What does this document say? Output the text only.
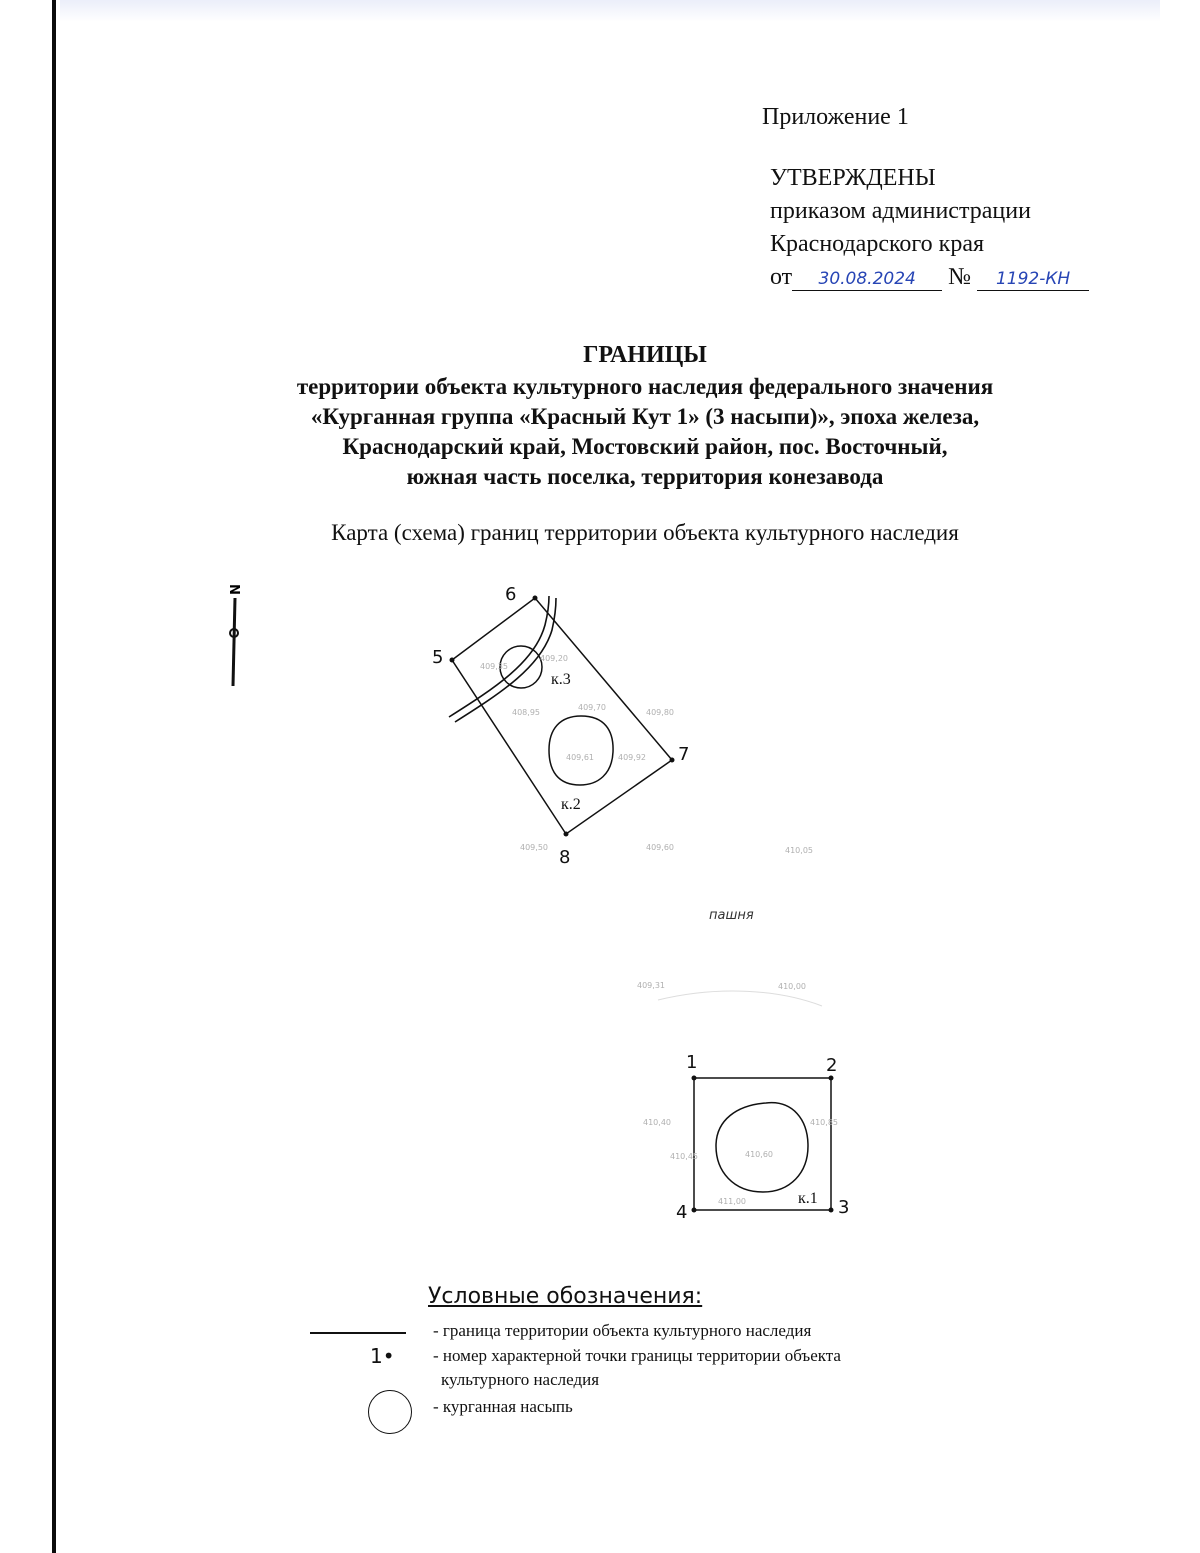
Приложение 1
УТВЕРЖДЕНЫ
приказом администрации
Краснодарского края
от 30.08.2024 № 1192-КН
ГРАНИЦЫ
территории объекта культурного наследия федерального значения
«Курганная группа «Красный Кут 1» (3 насыпи)», эпоха железа,
Краснодарский край, Мостовский район, пос. Восточный,
южная часть поселка, территория конезавода
Карта (схема) границ территории объекта культурного наследия
N
1	2
3
4
5
6
7
8
к.3
к.2
к.1
пашня
409,35
409,20
408,95
409,70
409,80
409,61	409,92
409,50	409,60
409,31	410,00
410,40	410,85
410,45	410,60
411,00
410,05
Условные обозначения:
- граница территории объекта культурного наследия
1• - номер характерной точки границы территории объекта
культурного наследия
- курганная насыпь
